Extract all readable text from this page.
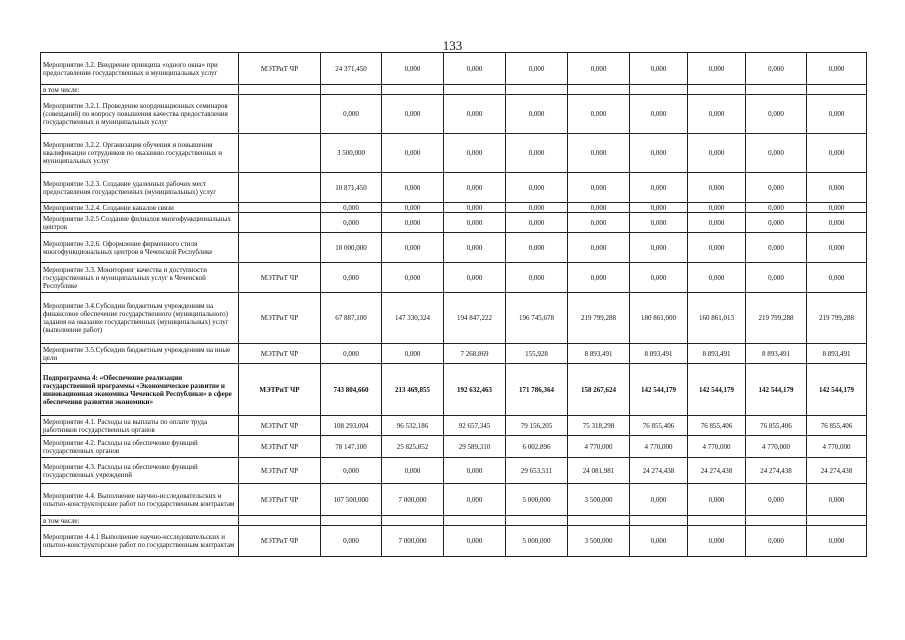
133
Мероприятие 3.2. Внедрение принципа «одного окна» при предоставлении государственных и муниципальных услуг	МЭТРиТ ЧР	24 371,450	0,000	0,000	0,000	0,000	0,000	0,000	0,000	0,000
в том числе:										
Мероприятие 3.2.1. Проведение координационных семинаров (совещаний) по вопросу повышения качества предоставления государственных и муниципальных услуг		0,000	0,000	0,000	0,000	0,000	0,000	0,000	0,000	0,000
Мероприятие 3.2.2. Организация обучения и повышения квалификации сотрудников по оказанию государственных и муниципальных услуг		3 500,000	0,000	0,000	0,000	0,000	0,000	0,000	0,000	0,000
Мероприятие 3.2.3. Создание удаленных рабочих мест предоставления государственных (муниципальных) услуг		10 871,450	0,000	0,000	0,000	0,000	0,000	0,000	0,000	0,000
Мероприятие 3.2.4. Создание каналов связи		0,000	0,000	0,000	0,000	0,000	0,000	0,000	0,000	0,000
Мероприятие 3.2.5 Создание филиалов многофункциональных центров		0,000	0,000	0,000	0,000	0,000	0,000	0,000	0,000	0,000
Мероприятие 3.2.6. Оформление фирменного стиля многофункциональных центров в Чеченской Республике		10 000,000	0,000	0,000	0,000	0,000	0,000	0,000	0,000	0,000
Мероприятие 3.3. Мониторинг качества и доступности государственных и муниципальных услуг в Чеченской Республике	МЭТРиТ ЧР	0,000	0,000	0,000	0,000	0,000	0,000	0,000	0,000	0,000
Мероприятие 3.4.Субсидии бюджетным учреждениям на финансовое обеспечение государственного (муниципального) задания на оказание государственных (муниципальных) услуг (выполнение работ)	МЭТРиТ ЧР	67 887,100	147 330,324	194 847,222	196 745,678	219 799,288	180 861,000	160 861,013	219 799,288	219 799,288
Мероприятие 3.5.Субсидии бюджетным учреждениям на иные цели	МЭТРиТ ЧР	0,000	0,000	7 268,869	155,928	8 893,491	8 893,491	8 893,491	8 893,491	8 893,491
Подпрограмма 4: «Обеспечение реализации государственной программы «Экономическое развитие и инновационная экономика Чеченской Республики» в сфере обеспечения развития экономики»	МЭТРиТ ЧР	743 804,660	213 469,855	192 632,463	171 786,364	158 267,624	142 544,179	142 544,179	142 544,179	142 544,179
Мероприятие 4.1. Расходы на выплаты по оплате труда работников государственных органов	МЭТРиТ ЧР	108 293,004	96 532,186	92 657,345	79 156,205	75 318,298	76 855,406	76 855,406	76 855,406	76 855,406
Мероприятие 4.2. Расходы на обеспечение функций государственных органов	МЭТРиТ ЧР	78 147,100	25 825,852	29 589,310	6 002,896	4 770,000	4 770,000	4 770,000	4 770,000	4 770,000
Мероприятие 4.3. Расходы на обеспечение функций государственных учреждений	МЭТРиТ ЧР	0,000	0,000	0,000	29 653,511	24 081,981	24 274,438	24 274,438	24 274,438	24 274,438
Мероприятие 4.4. Выполнение научно-исследовательских и опытно-конструкторские работ по государственным контрактам	МЭТРиТ ЧР	107 500,000	7 000,000	0,000	5 000,000	3 500,000	0,000	0,000	0,000	0,000
в том числе:										
Мероприятие 4.4.1 Выполнение научно-исследовательских и опытно-конструкторские работ по государственным контрактам	МЭТРиТ ЧР	0,000	7 000,000	0,000	5 000,000	3 500,000	0,000	0,000	0,000	0,000
